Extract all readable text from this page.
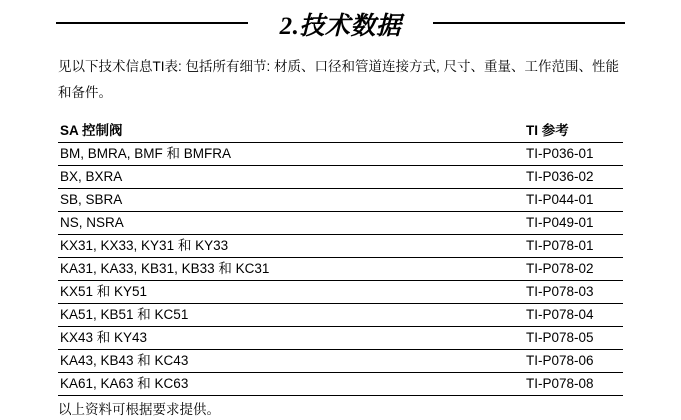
2.技术数据

见以下技术信息TI表: 包括所有细节: 材质、口径和管道连接方式, 尺寸、重量、工作范围、性能和备件。

SA 控制阀	TI 参考
BM, BMRA, BMF 和 BMFRA	TI-P036-01
BX, BXRA	TI-P036-02
SB, SBRA	TI-P044-01
NS, NSRA	TI-P049-01
KX31, KX33, KY31 和 KY33	TI-P078-01
KA31, KA33, KB31, KB33 和 KC31	TI-P078-02
KX51 和 KY51	TI-P078-03
KA51, KB51 和 KC51	TI-P078-04
KX43 和 KY43	TI-P078-05
KA43, KB43 和 KC43	TI-P078-06
KA61, KA63 和 KC63	TI-P078-08

以上资料可根据要求提供。
